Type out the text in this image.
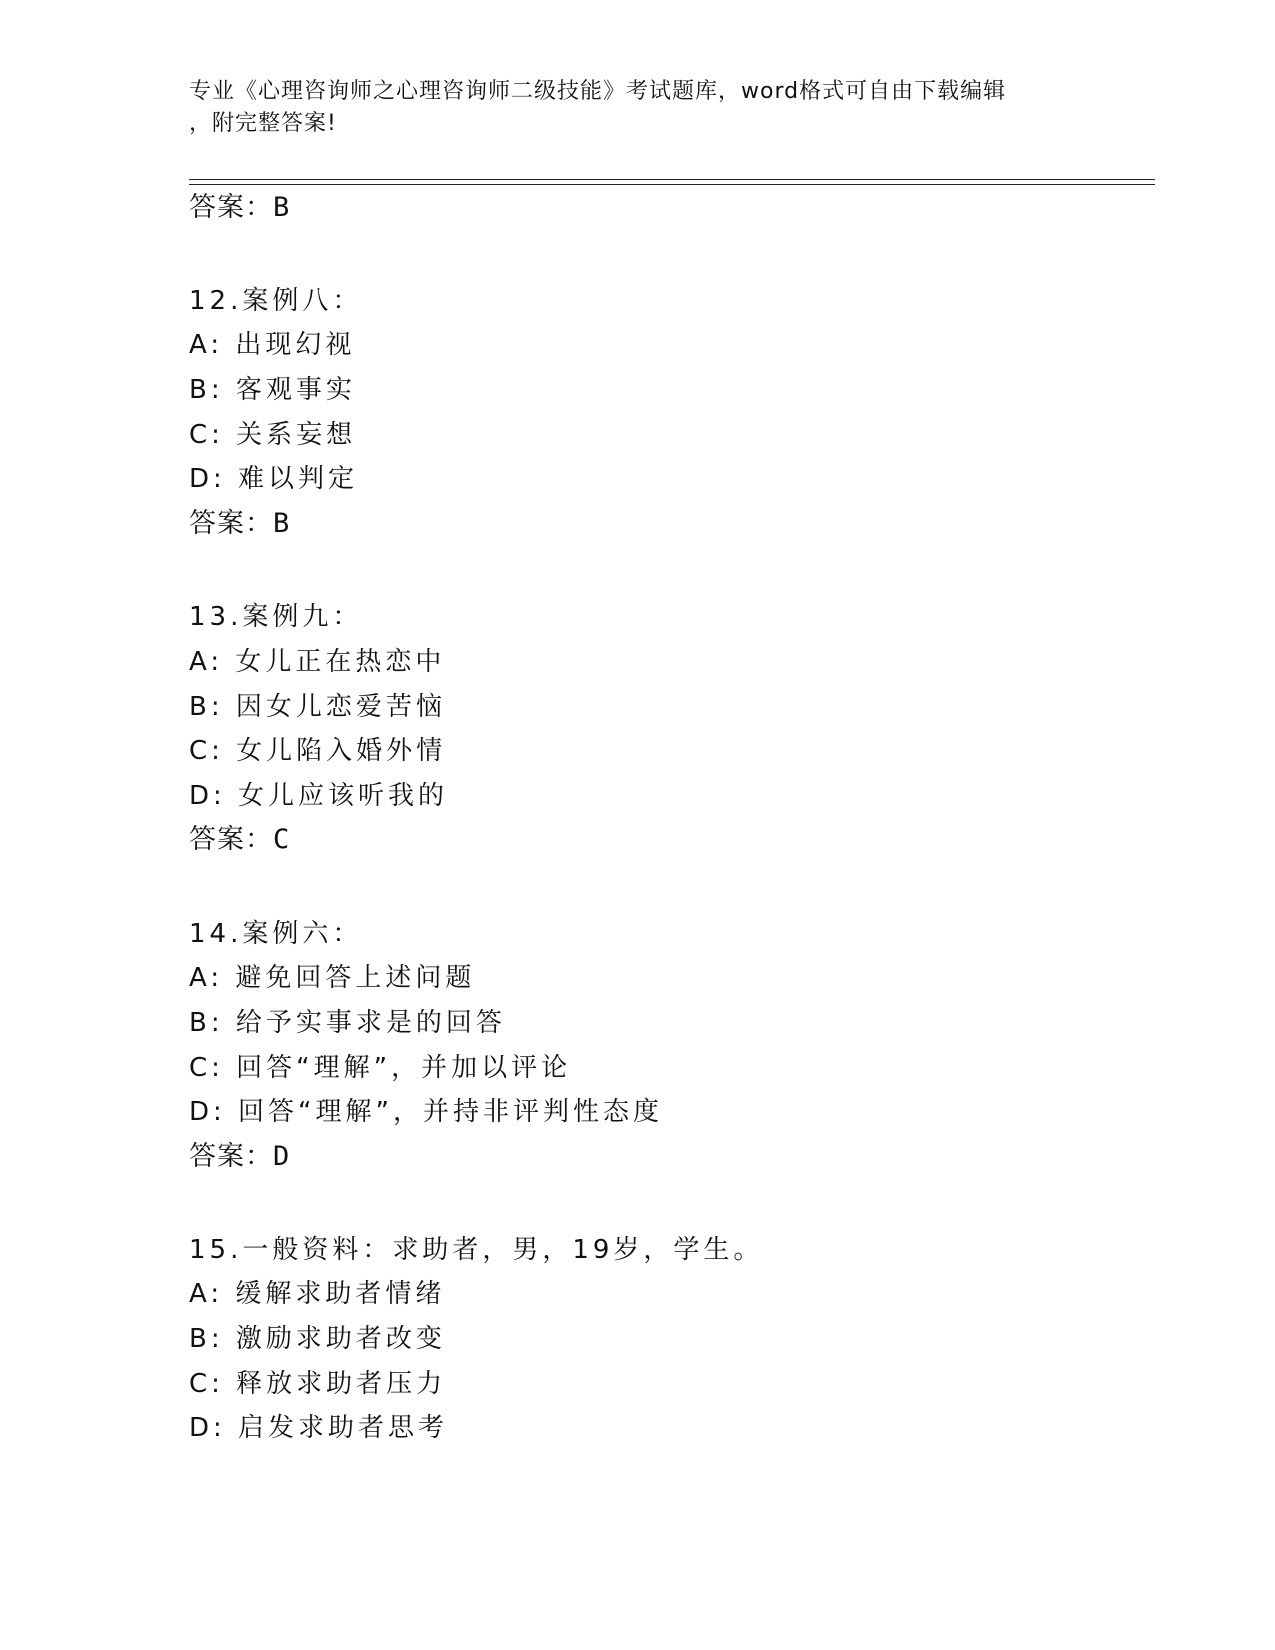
专业《心理咨询师之心理咨询师二级技能》考试题库，word格式可自由下载编辑
，附完整答案!
答案：B
12.案例八：
A: 出现幻视
B: 客观事实
C: 关系妄想
D: 难以判定
答案：B
13.案例九：
A: 女儿正在热恋中
B: 因女儿恋爱苦恼
C: 女儿陷入婚外情
D: 女儿应该听我的
答案：C
14.案例六：
A: 避免回答上述问题
B: 给予实事求是的回答
C: 回答“理解”，并加以评论
D: 回答“理解”，并持非评判性态度
答案：D
15.一般资料：求助者，男，19岁，学生。
A: 缓解求助者情绪
B: 激励求助者改变
C: 释放求助者压力
D: 启发求助者思考
